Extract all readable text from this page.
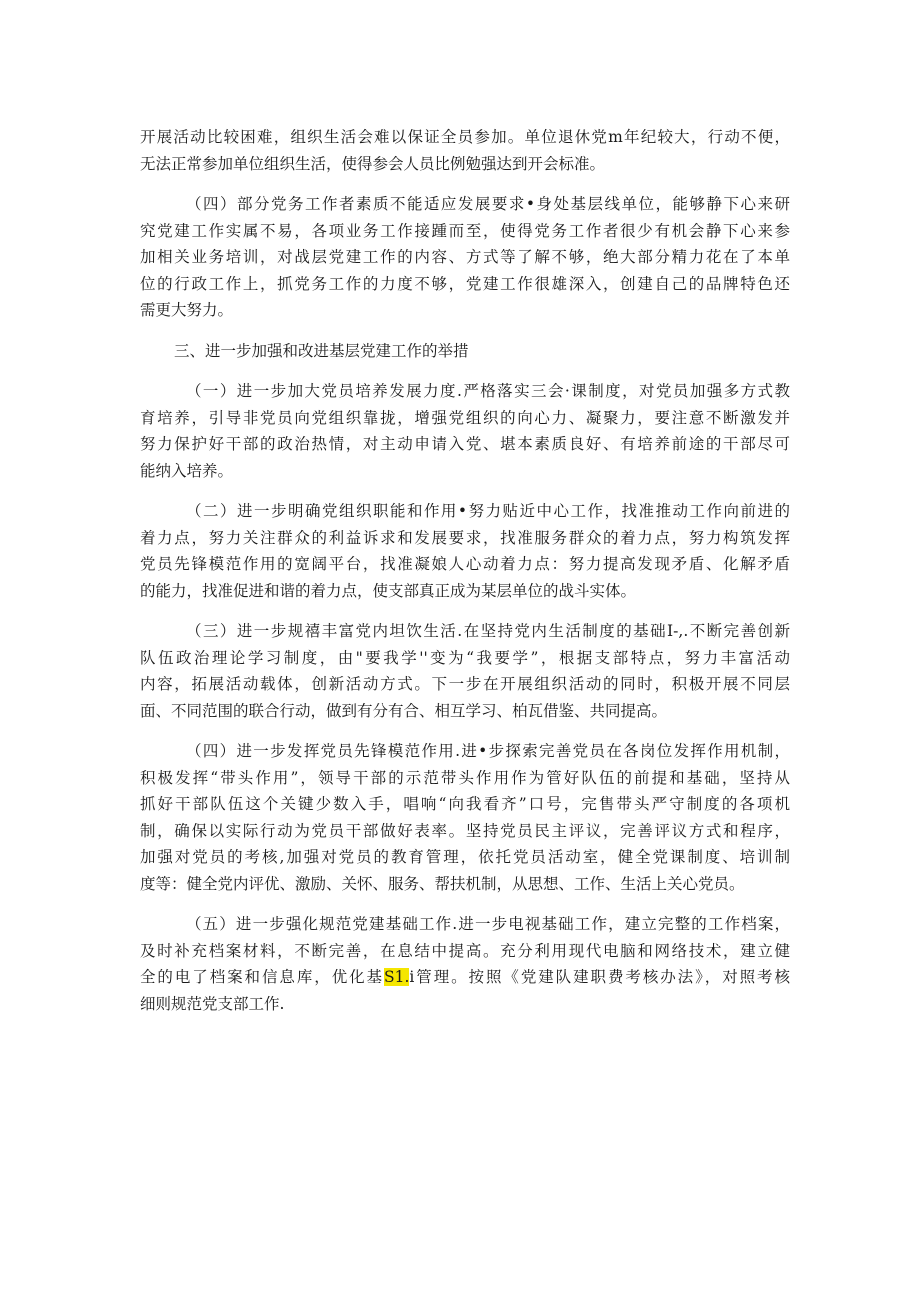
开展活动比较困难，组织生活会难以保证全员参加。单位退休党m年纪较大，行动不便，
无法正常参加单位组织生活，使得参会人员比例勉强达到开会标准。

（四）部分党务工作者素质不能适应发展要求•身处基层线单位，能够静下心来研
究党建工作实属不易，各项业务工作接踵而至，使得党务工作者很少有机会静下心来参
加相关业务培训，对战层党建工作的内容、方式等了解不够，绝大部分精力花在了本单
位的行政工作上，抓党务工作的力度不够，党建工作很雄深入，创建自己的品牌特色还
需更大努力。

三、进一步加强和改进基层党建工作的举措

（一）进一步加大党员培养发展力度.严格落实三会·课制度，对党员加强多方式教
育培养，引导非党员向党组织靠拢，增强党组织的向心力、凝聚力，要注意不断激发并
努力保护好干部的政治热情，对主动申请入党、堪本素质良好、有培养前途的干部尽可
能纳入培养。

（二）进一步明确党组织职能和作用•努力贴近中心工作，找准推动工作向前进的
着力点，努力关注群众的利益诉求和发展要求，找准服务群众的着力点，努力构筑发挥
党员先锋模范作用的宽阔平台，找准凝娘人心动着力点：努力提高发现矛盾、化解矛盾
的能力，找准促进和谐的着力点，使支部真正成为某层单位的战斗实体。

（三）进一步规禧丰富党内坦饮生活.在坚持党内生活制度的基础I-,.不断完善创新
队伍政治理论学习制度，由"要我学''变为“我要学”，根据支部特点，努力丰富活动
内容，拓展活动载体，创新活动方式。下一步在开展组织活动的同时，积极开展不同层
面、不同范围的联合行动，做到有分有合、相互学习、柏瓦借鉴、共同提高。

（四）进一步发挥党员先锋模范作用.进•步探索完善党员在各岗位发挥作用机制，
积极发挥“带头作用”，领导干部的示范带头作用作为管好队伍的前提和基础，坚持从
抓好干部队伍这个关键少数入手，唱响“向我看齐”口号，完售带头严守制度的各项机
制，确保以实际行动为党员干部做好表率。坚持党员民主评议，完善评议方式和程序，
加强对党员的考核,加强对党员的教育管理，依托党员活动室，健全党课制度、培训制
度等：健全党内评优、激励、关怀、服务、帮扶机制，从思想、工作、生活上关心党员。

（五）进一步强化规范党建基础工作.进一步电视基础工作，建立完整的工作档案，
及时补充档案材料，不断完善，在息结中提高。充分利用现代电脑和网络技术，建立健
全的电了档案和信息库，优化基S1.i管理。按照《党建队建职费考核办法》，对照考核
细则规范党支部工作.
